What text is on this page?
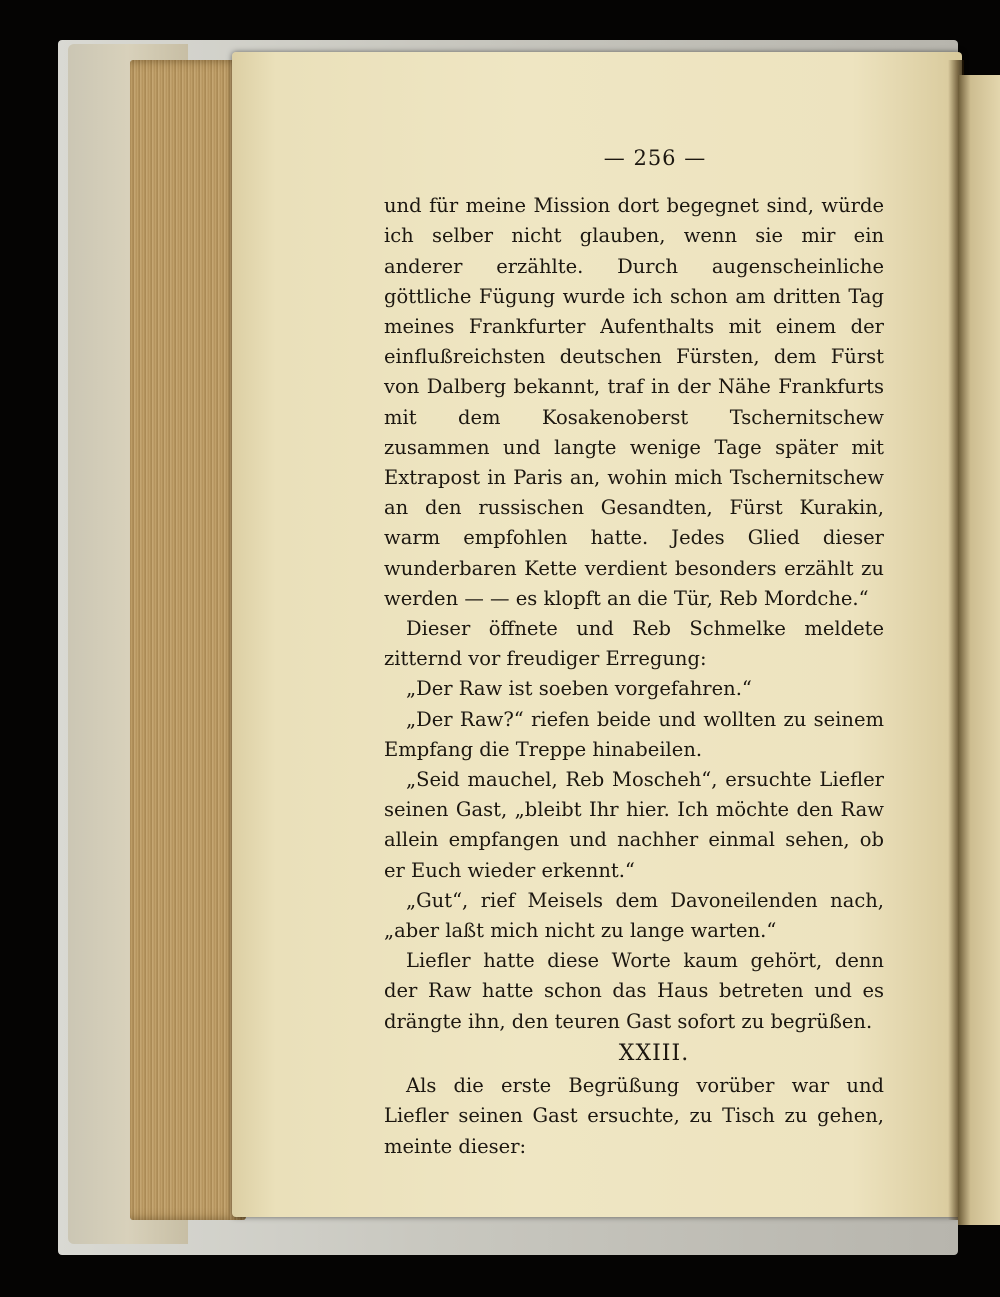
— 256 —

und für meine Mission dort begegnet sind, würde ich selber nicht glauben, wenn sie mir ein anderer erzählte. Durch augenscheinliche göttliche Fügung wurde ich schon am dritten Tag meines Frankfurter Aufenthalts mit einem der einflußreichsten deutschen Fürsten, dem Fürst von Dalberg bekannt, traf in der Nähe Frankfurts mit dem Kosakenoberst Tschernitschew zusammen und langte wenige Tage später mit Extrapost in Paris an, wohin mich Tschernitschew an den russischen Gesandten, Fürst Kurakin, warm empfohlen hatte. Jedes Glied dieser wunderbaren Kette verdient besonders erzählt zu werden — — es klopft an die Tür, Reb Mordche.“

Dieser öffnete und Reb Schmelke meldete zitternd vor freudiger Erregung:

„Der Raw ist soeben vorgefahren.“

„Der Raw?“ riefen beide und wollten zu seinem Empfang die Treppe hinabeilen.

„Seid mauchel, Reb Moscheh“, ersuchte Liefler seinen Gast, „bleibt Ihr hier. Ich möchte den Raw allein empfangen und nachher einmal sehen, ob er Euch wieder erkennt.“

„Gut“, rief Meisels dem Davoneilenden nach, „aber laßt mich nicht zu lange warten.“

Liefler hatte diese Worte kaum gehört, denn der Raw hatte schon das Haus betreten und es drängte ihn, den teuren Gast sofort zu begrüßen.

XXIII.

Als die erste Begrüßung vorüber war und Liefler seinen Gast ersuchte, zu Tisch zu gehen, meinte dieser:
